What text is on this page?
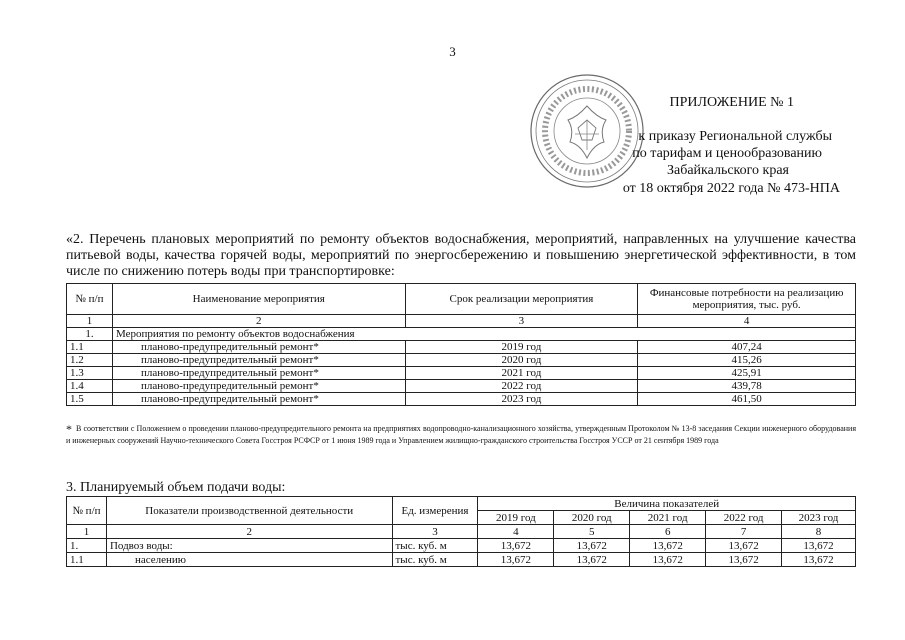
3
ПРИЛОЖЕНИЕ № 1
к приказу Региональной службы
по тарифам и ценообразованию
Забайкальского края
от 18 октября 2022 года № 473-НПА
«2. Перечень плановых мероприятий по ремонту объектов водоснабжения, мероприятий, направленных на улучшение качества питьевой воды, качества горячей воды, мероприятий по энергосбережению и повышению энергетической эффективности, в том числе по снижению потерь воды при транспортировке:
№ п/п	Наименование мероприятия	Срок реализации мероприятия	Финансовые потребности на реализацию мероприятия, тыс. руб.
1	2	3	4
1.	Мероприятия по ремонту объектов водоснабжения		
1.1	планово-предупредительный ремонт*	2019 год	407,24
1.2	планово-предупредительный ремонт*	2020 год	415,26
1.3	планово-предупредительный ремонт*	2021 год	425,91
1.4	планово-предупредительный ремонт*	2022 год	439,78
1.5	планово-предупредительный ремонт*	2023 год	461,50
* В соответствии с Положением о проведении планово-предупредительного ремонта на предприятиях водопроводно-канализационного хозяйства, утвержденным Протоколом № 13-8 заседания Секции инженерного оборудования и инженерных сооружений Научно-технического Совета Госстроя РСФСР от 1 июня 1989 года и Управлением жилищно-гражданского строительства Госстроя УССР от 21 сентября 1989 года
3. Планируемый объем подачи воды:
№ п/п	Показатели производственной деятельности	Ед. измерения	Величина показателей				
			2019 год	2020 год	2021 год	2022 год	2023 год
1	2	3	4	5	6	7	8
1.	Подвоз воды:	тыс. куб. м	13,672	13,672	13,672	13,672	13,672
1.1	населению	тыс. куб. м	13,672	13,672	13,672	13,672	13,672
